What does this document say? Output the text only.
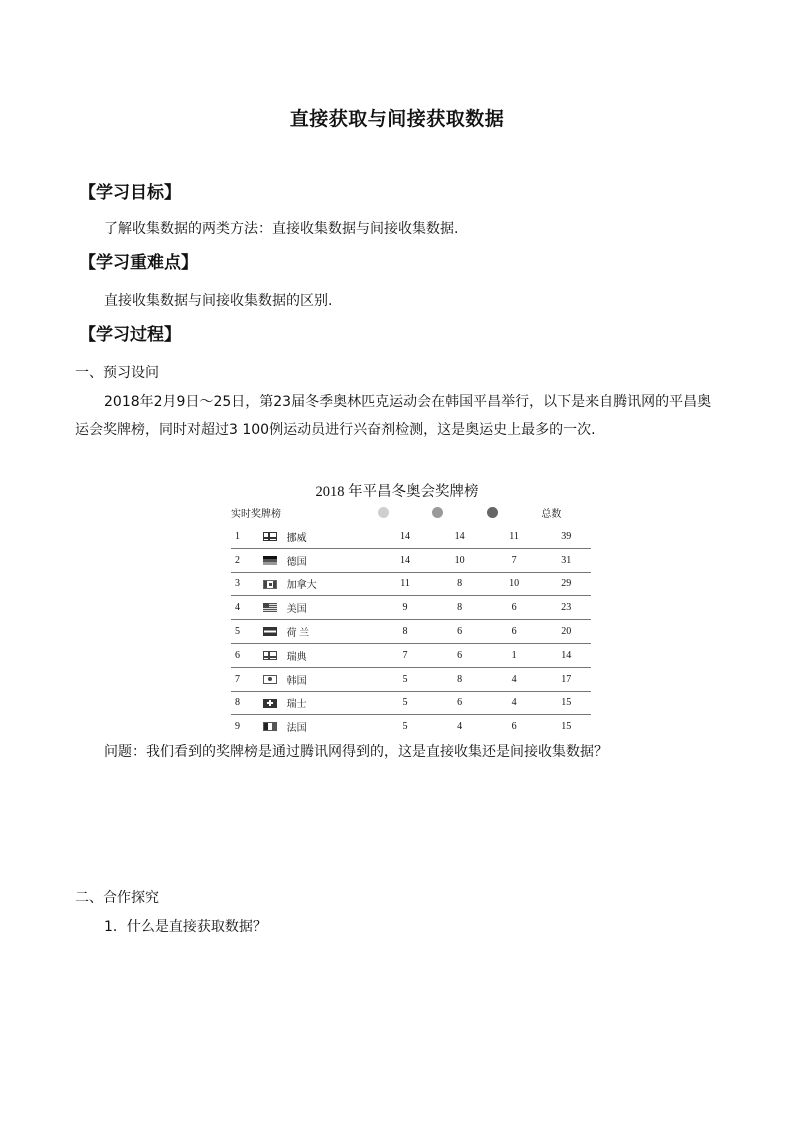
直接获取与间接获取数据
【学习目标】
了解收集数据的两类方法：直接收集数据与间接收集数据.
【学习重难点】
直接收集数据与间接收集数据的区别.
【学习过程】
一、预习设问
2018年2月9日～25日，第23届冬季奥林匹克运动会在韩国平昌举行，以下是来自腾讯网的平昌奥运会奖牌榜，同时对超过3 100例运动员进行兴奋剂检测，这是奥运史上最多的一次.
2018 年平昌冬奥会奖牌榜
实时奖牌榜						总数
1		挪威	14	14	11	39
2		德国	14	10	7	31
3		加拿大	11	8	10	29
4		美国	9	8	6	23
5		荷 兰	8	6	6	20
6		瑞典	7	6	1	14
7		韩国	5	8	4	17
8		瑞士	5	6	4	15
9		法国	5	4	6	15
问题：我们看到的奖牌榜是通过腾讯网得到的，这是直接收集还是间接收集数据？
二、合作探究
1．什么是直接获取数据？
